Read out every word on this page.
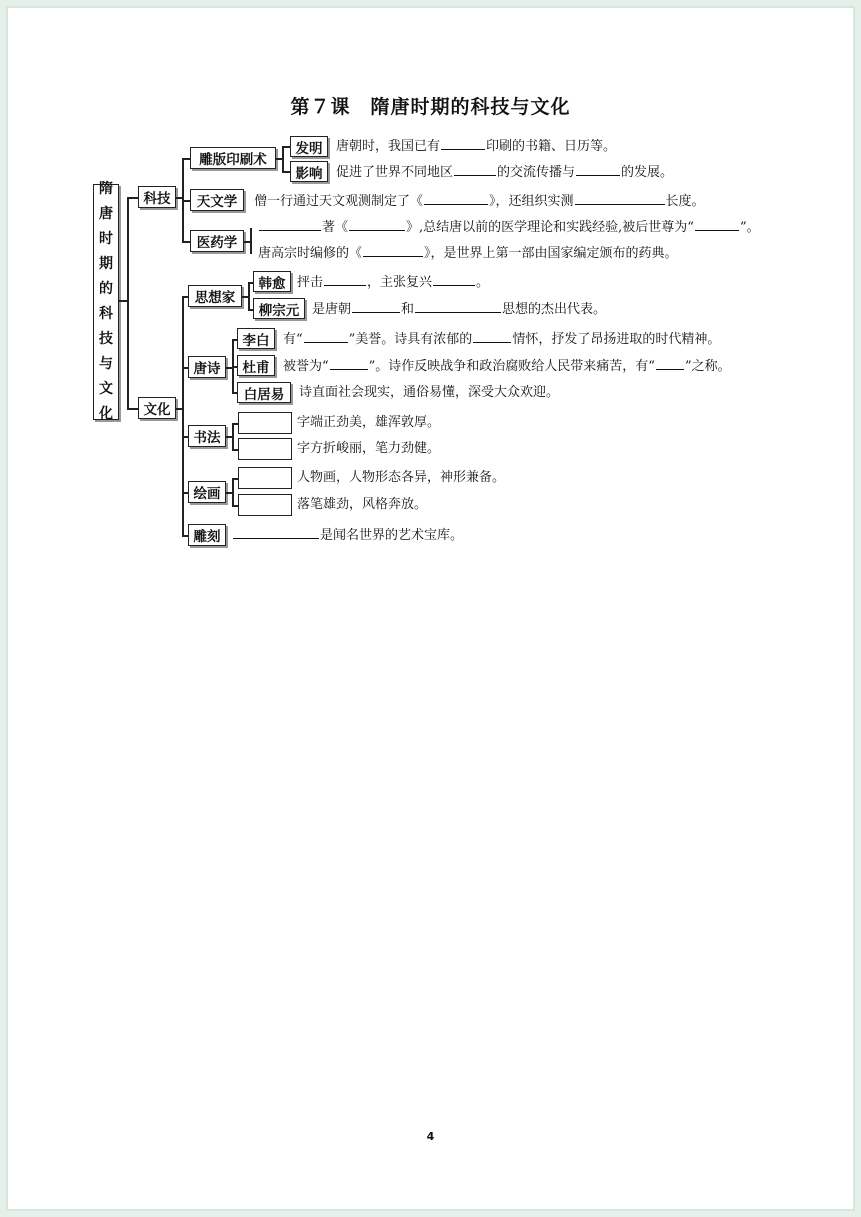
第７课 隋唐时期的科技与文化
隋
唐
时
期
的
科
技
与
文
化
科技
雕版印刷术
发明	唐朝时，我国已有	印刷的书籍、日历等。
影响	促进了世界不同地区	的交流传播与	的发展。
天文学	僧一行通过天文观测制定了《	》，还组织实测	长度。
医药学
著《	》,总结唐以前的医学理论和实践经验,被后世尊为“	”。
唐高宗时编修的《	》，是世界上第一部由国家编定颁布的药典。
文化
思想家
韩愈 抨击	，主张复兴	。
柳宗元 是唐朝	和	思想的杰出代表。
唐诗
李白	有“	”美誉。诗具有浓郁的	情怀，抒发了昂扬进取的时代精神。
杜甫	被誉为“	”。诗作反映战争和政治腐败给人民带来痛苦，有“ ”之称。
白居易	诗直面社会现实，通俗易懂，深受大众欢迎。
书法
字端正劲美，雄浑敦厚。
字方折峻丽，笔力劲健。
绘画
人物画，人物形态各异，神形兼备。
落笔雄劲，风格奔放。
雕刻	是闻名世界的艺术宝库。
4
